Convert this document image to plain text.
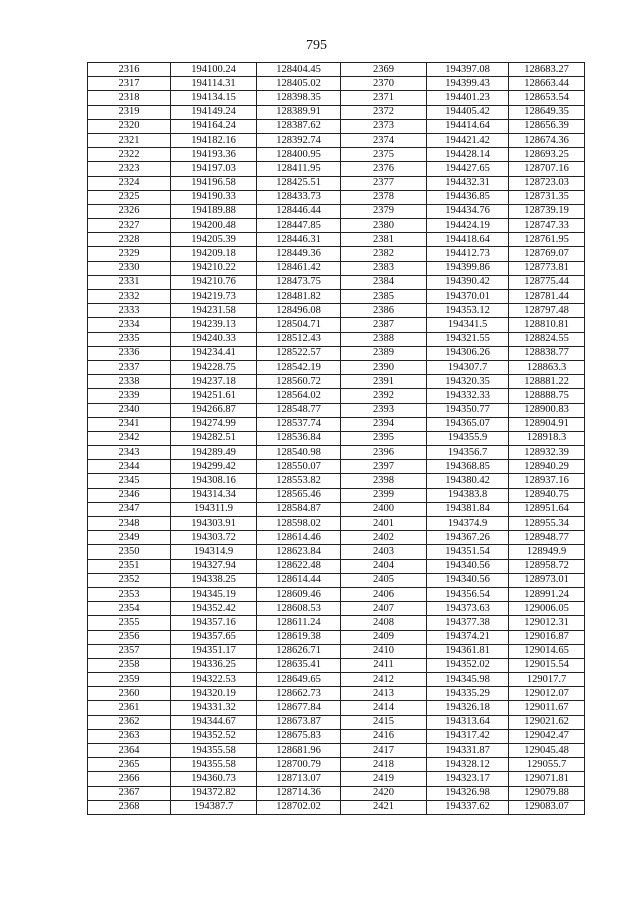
795
2316	194100.24	128404.45	2369	194397.08	128683.27
2317	194114.31	128405.02	2370	194399.43	128663.44
2318	194134.15	128398.35	2371	194401.23	128653.54
2319	194149.24	128389.91	2372	194405.42	128649.35
2320	194164.24	128387.62	2373	194414.64	128656.39
2321	194182.16	128392.74	2374	194421.42	128674.36
2322	194193.36	128400.95	2375	194428.14	128693.25
2323	194197.03	128411.95	2376	194427.65	128707.16
2324	194196.58	128425.51	2377	194432.31	128723.03
2325	194190.33	128433.73	2378	194436.85	128731.35
2326	194189.88	128446.44	2379	194434.76	128739.19
2327	194200.48	128447.85	2380	194424.19	128747.33
2328	194205.39	128446.31	2381	194418.64	128761.95
2329	194209.18	128449.36	2382	194412.73	128769.07
2330	194210.22	128461.42	2383	194399.86	128773.81
2331	194210.76	128473.75	2384	194390.42	128775.44
2332	194219.73	128481.82	2385	194370.01	128781.44
2333	194231.58	128496.08	2386	194353.12	128797.48
2334	194239.13	128504.71	2387	194341.5	128810.81
2335	194240.33	128512.43	2388	194321.55	128824.55
2336	194234.41	128522.57	2389	194306.26	128838.77
2337	194228.75	128542.19	2390	194307.7	128863.3
2338	194237.18	128560.72	2391	194320.35	128881.22
2339	194251.61	128564.02	2392	194332.33	128888.75
2340	194266.87	128548.77	2393	194350.77	128900.83
2341	194274.99	128537.74	2394	194365.07	128904.91
2342	194282.51	128536.84	2395	194355.9	128918.3
2343	194289.49	128540.98	2396	194356.7	128932.39
2344	194299.42	128550.07	2397	194368.85	128940.29
2345	194308.16	128553.82	2398	194380.42	128937.16
2346	194314.34	128565.46	2399	194383.8	128940.75
2347	194311.9	128584.87	2400	194381.84	128951.64
2348	194303.91	128598.02	2401	194374.9	128955.34
2349	194303.72	128614.46	2402	194367.26	128948.77
2350	194314.9	128623.84	2403	194351.54	128949.9
2351	194327.94	128622.48	2404	194340.56	128958.72
2352	194338.25	128614.44	2405	194340.56	128973.01
2353	194345.19	128609.46	2406	194356.54	128991.24
2354	194352.42	128608.53	2407	194373.63	129006.05
2355	194357.16	128611.24	2408	194377.38	129012.31
2356	194357.65	128619.38	2409	194374.21	129016.87
2357	194351.17	128626.71	2410	194361.81	129014.65
2358	194336.25	128635.41	2411	194352.02	129015.54
2359	194322.53	128649.65	2412	194345.98	129017.7
2360	194320.19	128662.73	2413	194335.29	129012.07
2361	194331.32	128677.84	2414	194326.18	129011.67
2362	194344.67	128673.87	2415	194313.64	129021.62
2363	194352.52	128675.83	2416	194317.42	129042.47
2364	194355.58	128681.96	2417	194331.87	129045.48
2365	194355.58	128700.79	2418	194328.12	129055.7
2366	194360.73	128713.07	2419	194323.17	129071.81
2367	194372.82	128714.36	2420	194326.98	129079.88
2368	194387.7	128702.02	2421	194337.62	129083.07
